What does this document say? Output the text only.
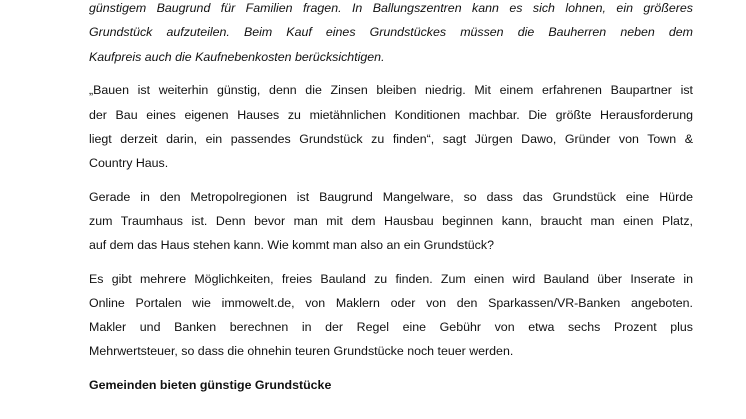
günstigem Baugrund für Familien fragen. In Ballungszentren kann es sich lohnen, ein größeres
Grundstück aufzuteilen. Beim Kauf eines Grundstückes müssen die Bauherren neben dem
Kaufpreis auch die Kaufnebenkosten berücksichtigen.
„Bauen ist weiterhin günstig, denn die Zinsen bleiben niedrig. Mit einem erfahrenen Baupartner ist
der Bau eines eigenen Hauses zu mietähnlichen Konditionen machbar. Die größte Herausforderung
liegt derzeit darin, ein passendes Grundstück zu finden“, sagt Jürgen Dawo, Gründer von Town &
Country Haus.
Gerade in den Metropolregionen ist Baugrund Mangelware, so dass das Grundstück eine Hürde
zum Traumhaus ist. Denn bevor man mit dem Hausbau beginnen kann, braucht man einen Platz,
auf dem das Haus stehen kann. Wie kommt man also an ein Grundstück?
Es gibt mehrere Möglichkeiten, freies Bauland zu finden. Zum einen wird Bauland über Inserate in
Online Portalen wie immowelt.de, von Maklern oder von den Sparkassen/VR-Banken angeboten.
Makler und Banken berechnen in der Regel eine Gebühr von etwa sechs Prozent plus
Mehrwertsteuer, so dass die ohnehin teuren Grundstücke noch teuer werden.
Gemeinden bieten günstige Grundstücke
